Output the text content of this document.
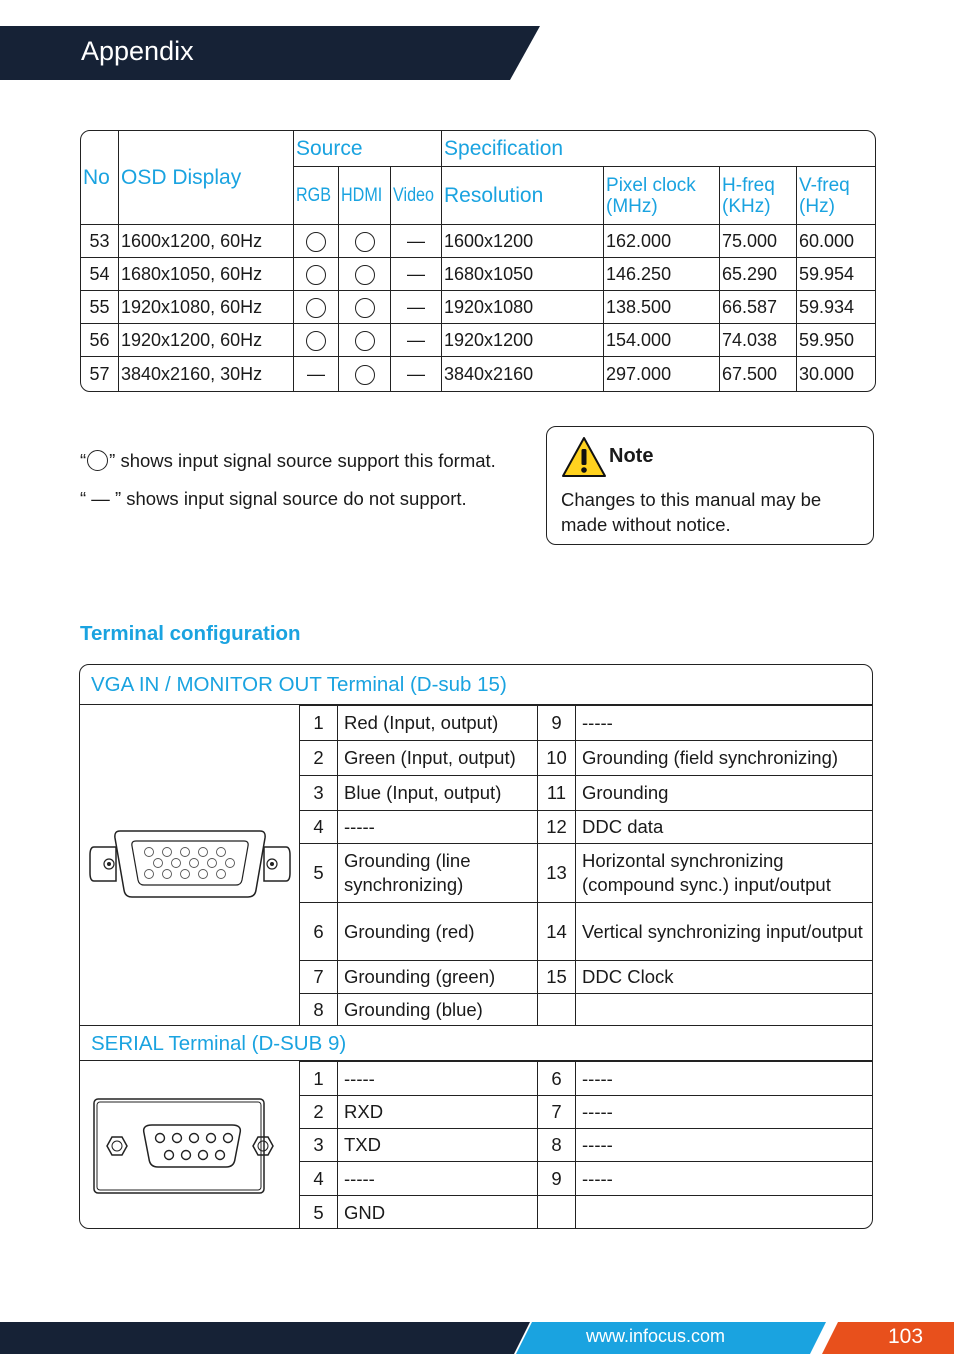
Appendix
No	OSD Display	Source			Specification			
		RGB	HDMI	Video	Resolution	Pixel clock (MHz)	H-freq (KHz)	V-freq (Hz)
53	1600x1200, 60Hz			—	1600x1200	162.000	75.000	60.000
54	1680x1050, 60Hz			—	1680x1050	146.250	65.290	59.954
55	1920x1080, 60Hz			—	1920x1080	138.500	66.587	59.934
56	1920x1200, 60Hz			—	1920x1200	154.000	74.038	59.950
57	3840x2160, 30Hz	—		—	3840x2160	297.000	67.500	30.000

“ ” shows input signal source support this format.

“ — ” shows input signal source do not support.

Note
Changes to this manual may be made without notice.
Terminal configuration
VGA IN / MONITOR OUT Terminal (D-sub 15)
1	Red (Input, output)	9	-----
2	Green (Input, output)	10	Grounding (field synchronizing)
3	Blue (Input, output)	11	Grounding
4	-----	12	DDC data
5	Grounding (line synchronizing)	13	Horizontal synchronizing (compound sync.) input/output
6	Grounding (red)	14	Vertical synchronizing input/output
7	Grounding (green)	15	DDC Clock
8	Grounding (blue)		
SERIAL Terminal (D-SUB 9)
1	-----	6	-----
2	RXD	7	-----
3	TXD	8	-----
4	-----	9	-----
5	GND		
www.infocus.com	103
